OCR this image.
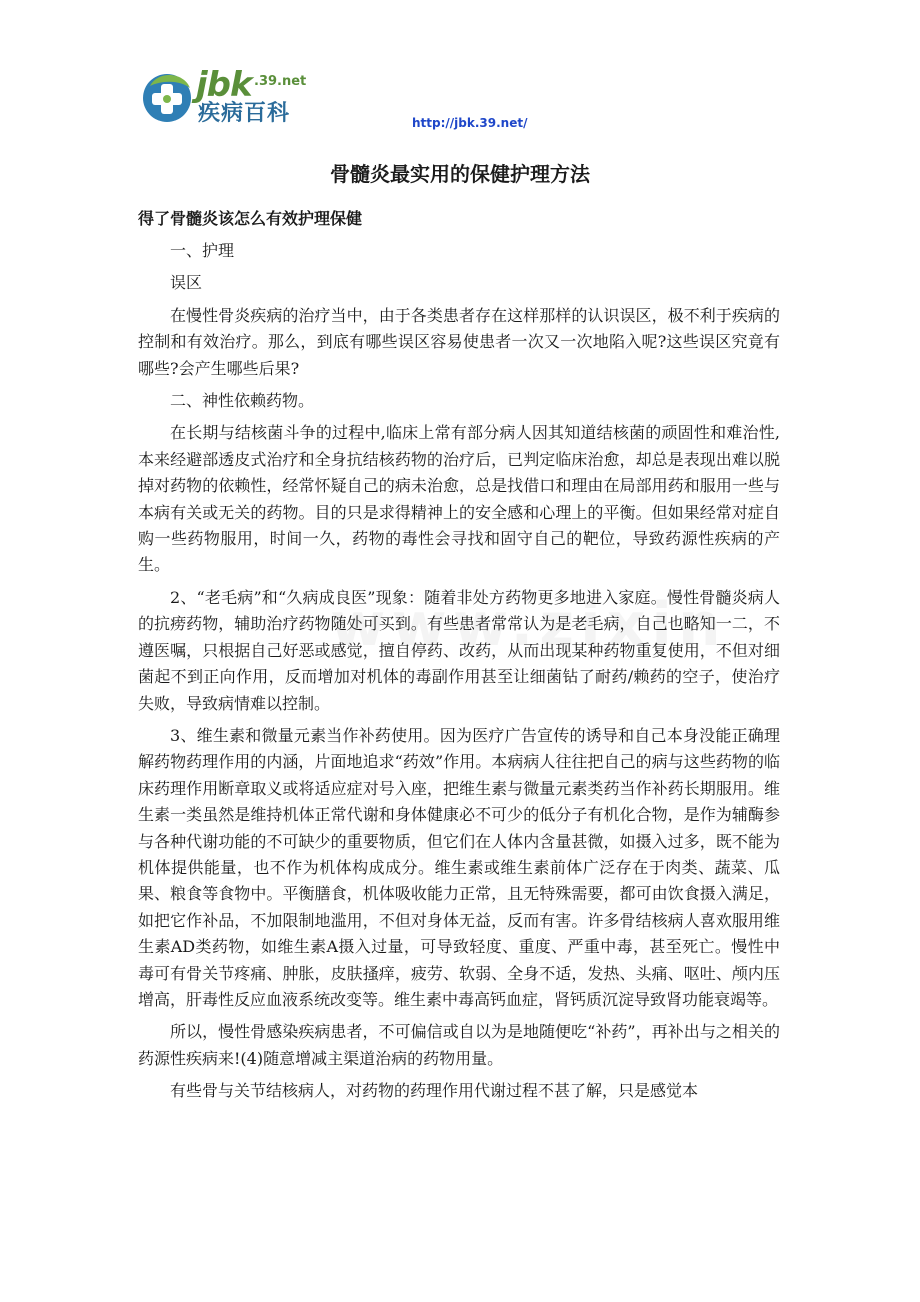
jbk .39.net
疾病百科	http://jbk.39.net/
骨髓炎最实用的保健护理方法
得了骨髓炎该怎么有效护理保健

一、护理

误区

在慢性骨炎疾病的治疗当中，由于各类患者存在这样那样的认识误区，极不利于疾病的控制和有效治疗。那么，到底有哪些误区容易使患者一次又一次地陷入呢?这些误区究竟有哪些?会产生哪些后果?

二、神性依赖药物。

在长期与结核菌斗争的过程中,临床上常有部分病人因其知道结核菌的顽固性和难治性,本来经避部透皮式治疗和全身抗结核药物的治疗后，已判定临床治愈，却总是表现出难以脱掉对药物的依赖性，经常怀疑自己的病未治愈，总是找借口和理由在局部用药和服用一些与本病有关或无关的药物。目的只是求得精神上的安全感和心理上的平衡。但如果经常对症自购一些药物服用，时间一久，药物的毒性会寻找和固守自己的靶位，导致药源性疾病的产生。

2、“老毛病”和“久病成良医”现象：随着非处方药物更多地进入家庭。慢性骨髓炎病人的抗痨药物，辅助治疗药物随处可买到。有些患者常常认为是老毛病，自己也略知一二，不遵医嘱，只根据自己好恶或感觉，擅自停药、改药，从而出现某种药物重复使用，不但对细菌起不到正向作用，反而增加对机体的毒副作用甚至让细菌钻了耐药/赖药的空子，使治疗失败，导致病情难以控制。

3、维生素和微量元素当作补药使用。因为医疗广告宣传的诱导和自己本身没能正确理解药物药理作用的内涵，片面地追求“药效”作用。本病病人往往把自己的病与这些药物的临床药理作用断章取义或将适应症对号入座，把维生素与微量元素类药当作补药长期服用。维生素一类虽然是维持机体正常代谢和身体健康必不可少的低分子有机化合物，是作为辅酶参与各种代谢功能的不可缺少的重要物质，但它们在人体内含量甚微，如摄入过多，既不能为机体提供能量，也不作为机体构成成分。维生素或维生素前体广泛存在于肉类、蔬菜、瓜果、粮食等食物中。平衡膳食，机体吸收能力正常，且无特殊需要，都可由饮食摄入满足，如把它作补品，不加限制地滥用，不但对身体无益，反而有害。许多骨结核病人喜欢服用维生素AD类药物，如维生素A摄入过量，可导致轻度、重度、严重中毒，甚至死亡。慢性中毒可有骨关节疼痛、肿胀，皮肤搔痒，疲劳、软弱、全身不适，发热、头痛、呕吐、颅内压增高，肝毒性反应血液系统改变等。维生素中毒高钙血症，肾钙质沉淀导致肾功能衰竭等。

所以，慢性骨感染疾病患者，不可偏信或自以为是地随便吃“补药”，再补出与之相关的药源性疾病来!(4)随意增减主渠道治病的药物用量。

有些骨与关节结核病人，对药物的药理作用代谢过程不甚了解，只是感觉本
